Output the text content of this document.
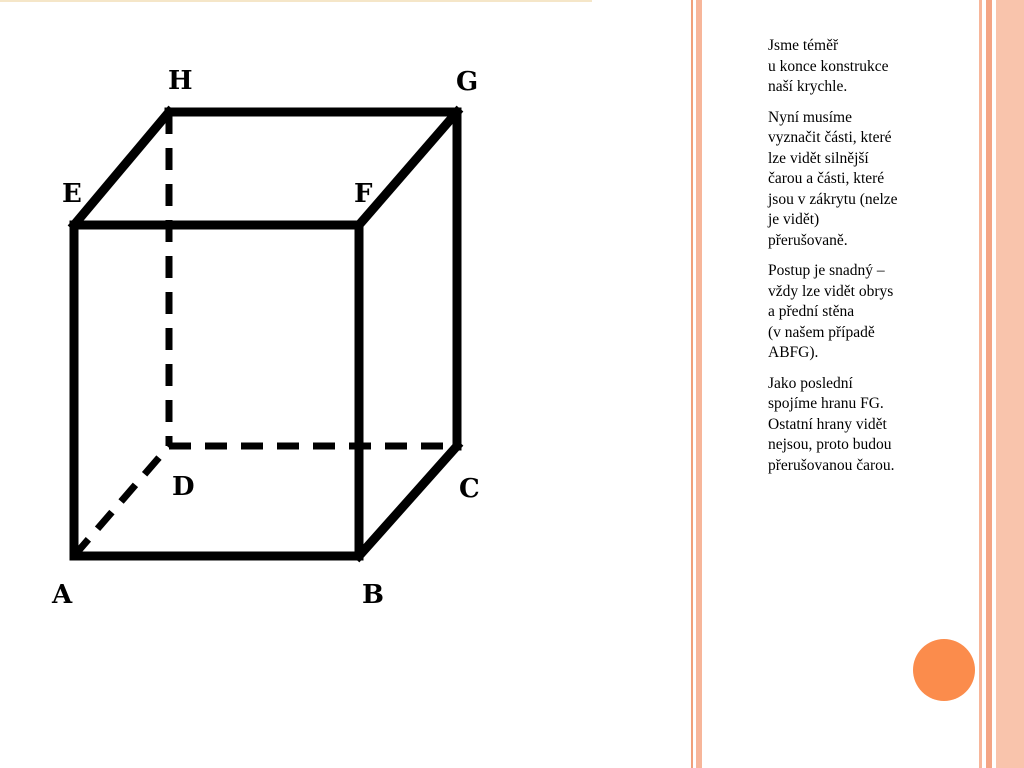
H	G
E	F
D	C
A	B

Jsme téměř
u konce konstrukce
naší krychle.

Nyní musíme
vyznačit části, které
lze vidět silnější
čarou a části, které
jsou v zákrytu (nelze
je vidět)
přerušovaně.

Postup je snadný –
vždy lze vidět obrys
a přední stěna
(v našem případě
ABFG).

Jako poslední
spojíme hranu FG.
Ostatní hrany vidět
nejsou, proto budou
přerušovanou čarou.
